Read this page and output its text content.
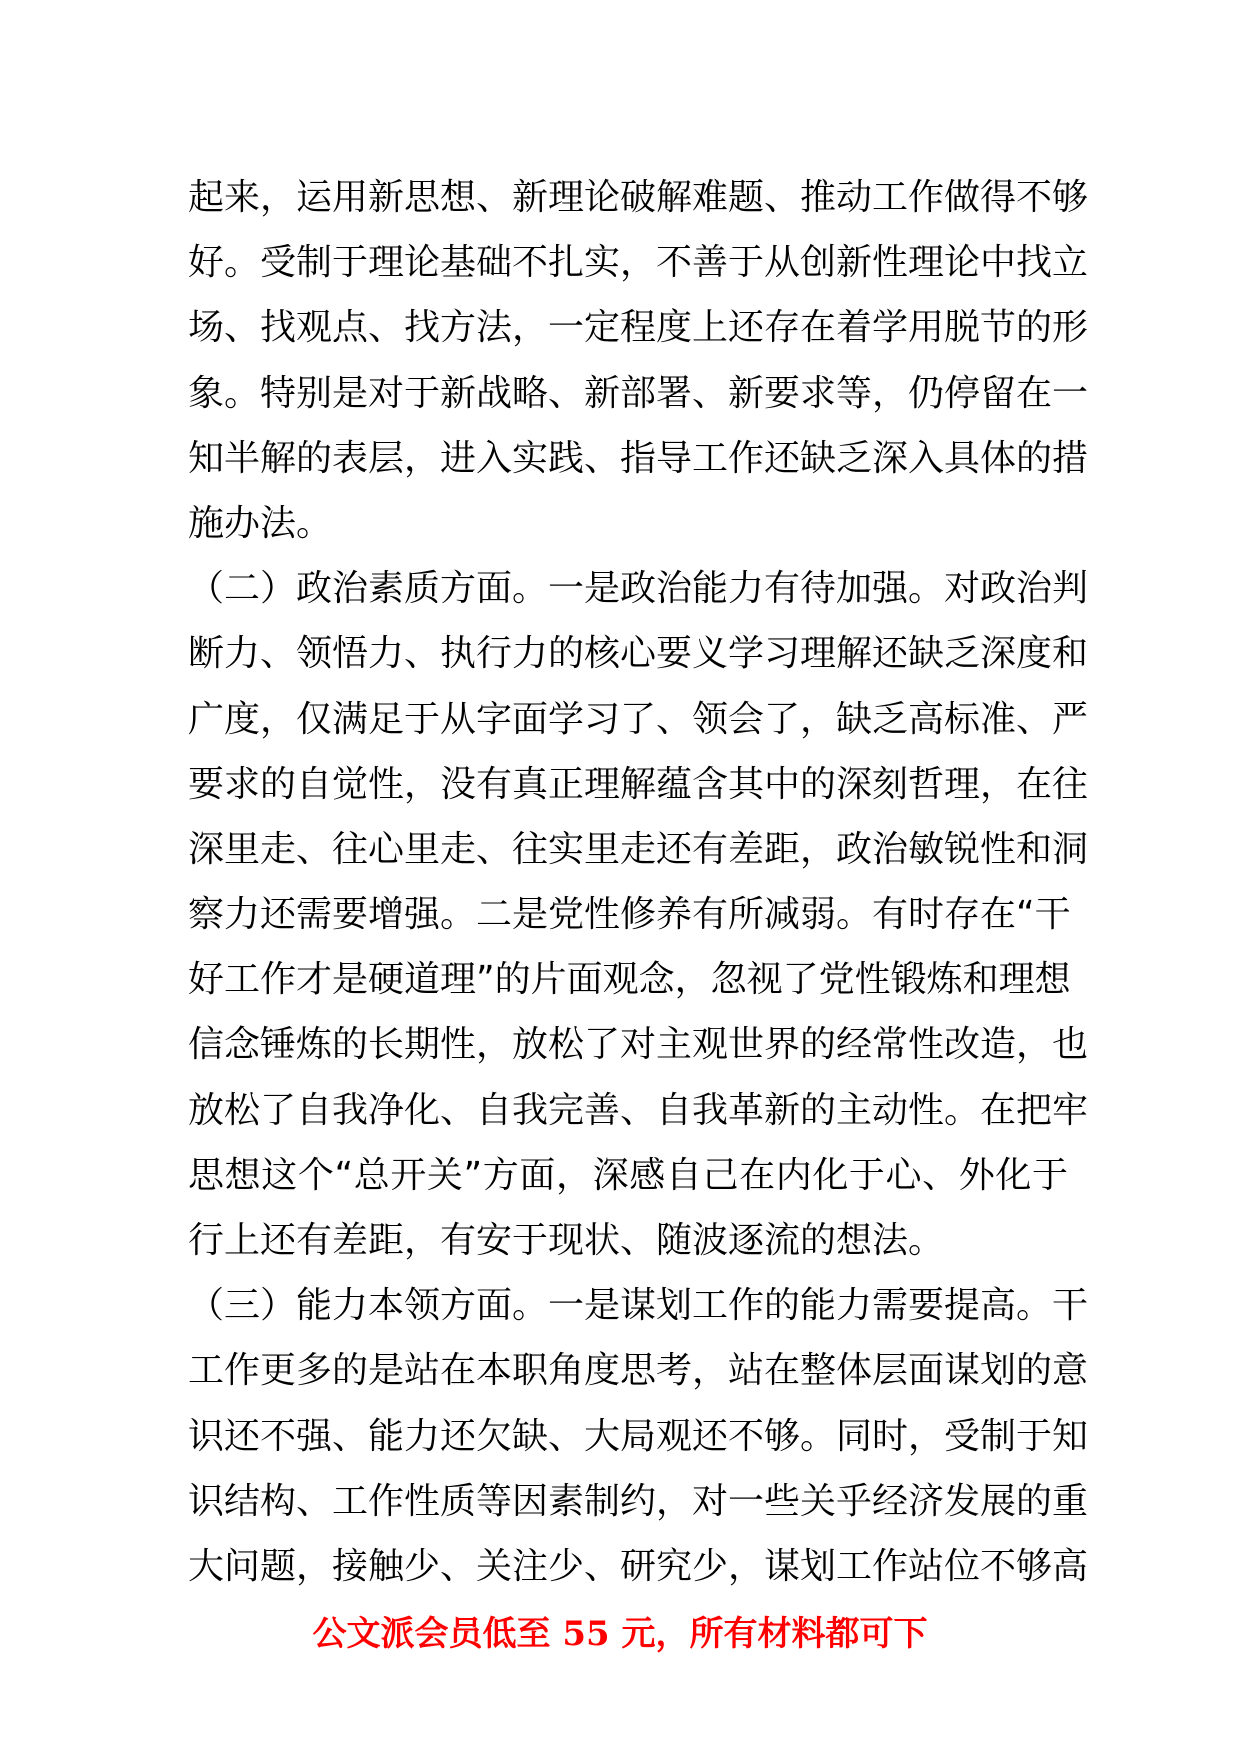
起来，运用新思想、新理论破解难题、推动工作做得不够
好。受制于理论基础不扎实，不善于从创新性理论中找立
场、找观点、找方法，一定程度上还存在着学用脱节的形
象。特别是对于新战略、新部署、新要求等，仍停留在一
知半解的表层，进入实践、指导工作还缺乏深入具体的措
施办法。
（二）政治素质方面。一是政治能力有待加强。对政治判
断力、领悟力、执行力的核心要义学习理解还缺乏深度和
广度，仅满足于从字面学习了、领会了，缺乏高标准、严
要求的自觉性，没有真正理解蕴含其中的深刻哲理，在往
深里走、往心里走、往实里走还有差距，政治敏锐性和洞
察力还需要增强。二是党性修养有所减弱。有时存在“干
好工作才是硬道理”的片面观念，忽视了党性锻炼和理想
信念锤炼的长期性，放松了对主观世界的经常性改造，也
放松了自我净化、自我完善、自我革新的主动性。在把牢
思想这个“总开关”方面，深感自己在内化于心、外化于
行上还有差距，有安于现状、随波逐流的想法。
（三）能力本领方面。一是谋划工作的能力需要提高。干
工作更多的是站在本职角度思考，站在整体层面谋划的意
识还不强、能力还欠缺、大局观还不够。同时，受制于知
识结构、工作性质等因素制约，对一些关乎经济发展的重
大问题，接触少、关注少、研究少，谋划工作站位不够高
公文派会员低至 55 元，所有材料都可下
